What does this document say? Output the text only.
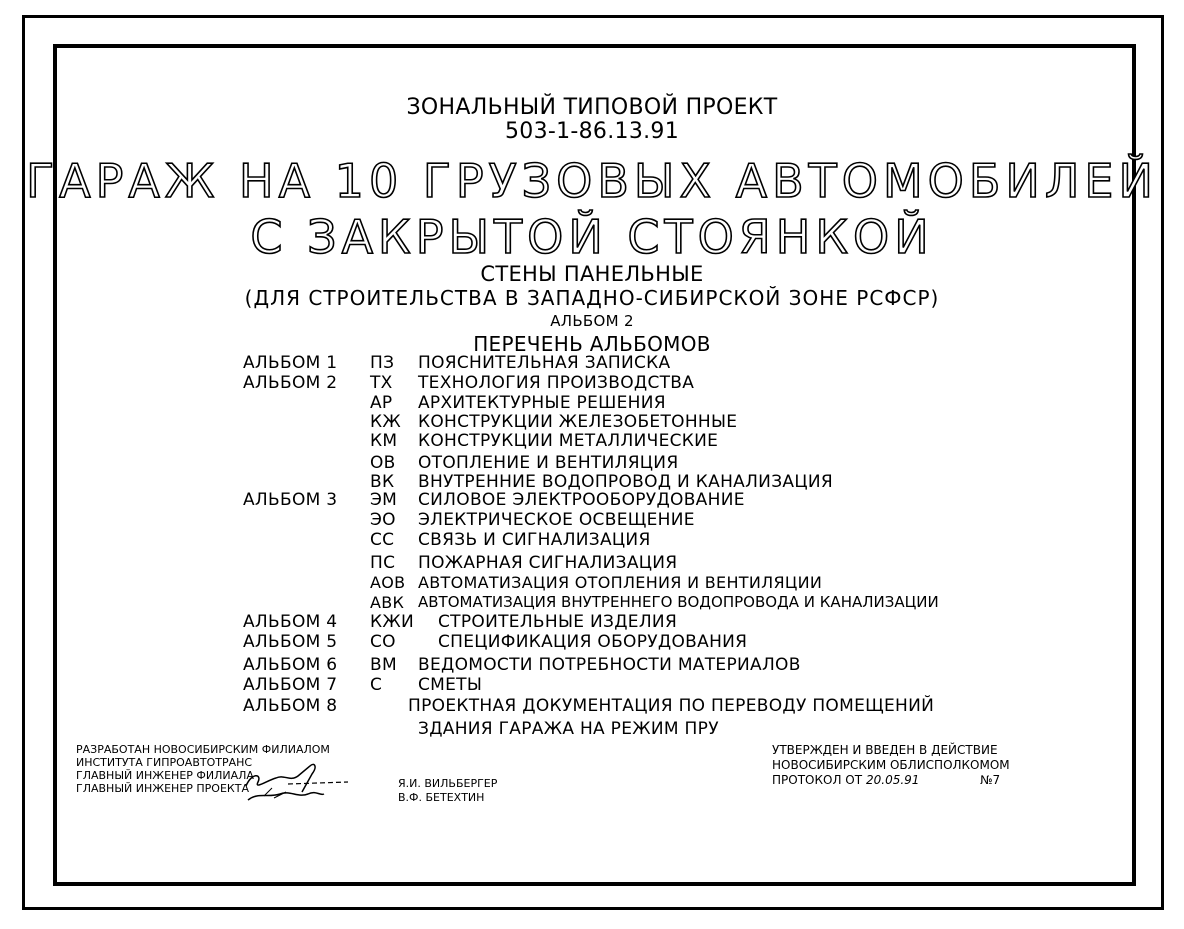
ЗОНАЛЬНЫЙ ТИПОВОЙ ПРОЕКТ
503-1-86.13.91
ГАРАЖ НА 10 ГРУЗОВЫХ АВТОМОБИЛЕЙ
С ЗАКРЫТОЙ СТОЯНКОЙ
СТЕНЫ ПАНЕЛЬНЫЕ
(ДЛЯ СТРОИТЕЛЬСТВА В ЗАПАДНО-СИБИРСКОЙ ЗОНЕ РСФСР)
АЛЬБОМ 2
ПЕРЕЧЕНЬ АЛЬБОМОВ
АЛЬБОМ 1 ПЗ ПОЯСНИТЕЛЬНАЯ ЗАПИСКА
АЛЬБОМ 2 ТХ ТЕХНОЛОГИЯ ПРОИЗВОДСТВА
АР АРХИТЕКТУРНЫЕ РЕШЕНИЯ
КЖ КОНСТРУКЦИИ ЖЕЛЕЗОБЕТОННЫЕ
КМ КОНСТРУКЦИИ МЕТАЛЛИЧЕСКИЕ
ОВ ОТОПЛЕНИЕ И ВЕНТИЛЯЦИЯ
ВК ВНУТРЕННИЕ ВОДОПРОВОД И КАНАЛИЗАЦИЯ
АЛЬБОМ 3 ЭМ СИЛОВОЕ ЭЛЕКТРООБОРУДОВАНИЕ
ЭО ЭЛЕКТРИЧЕСКОЕ ОСВЕЩЕНИЕ
СС СВЯЗЬ И СИГНАЛИЗАЦИЯ
ПС ПОЖАРНАЯ СИГНАЛИЗАЦИЯ
АОВ АВТОМАТИЗАЦИЯ ОТОПЛЕНИЯ И ВЕНТИЛЯЦИИ
АВК АВТОМАТИЗАЦИЯ ВНУТРЕННЕГО ВОДОПРОВОДА И КАНАЛИЗАЦИИ
АЛЬБОМ 4 КЖИ СТРОИТЕЛЬНЫЕ ИЗДЕЛИЯ
АЛЬБОМ 5 СО СПЕЦИФИКАЦИЯ ОБОРУДОВАНИЯ
АЛЬБОМ 6 ВМ ВЕДОМОСТИ ПОТРЕБНОСТИ МАТЕРИАЛОВ
АЛЬБОМ 7 С СМЕТЫ
АЛЬБОМ 8	ПРОЕКТНАЯ ДОКУМЕНТАЦИЯ ПО ПЕРЕВОДУ ПОМЕЩЕНИЙ
ЗДАНИЯ ГАРАЖА НА РЕЖИМ ПРУ
РАЗРАБОТАН НОВОСИБИРСКИМ ФИЛИАЛОМ
ИНСТИТУТА ГИПРОАВТОТРАНС
ГЛАВНЫЙ ИНЖЕНЕР ФИЛИАЛА
Я.И. ВИЛЬБЕРГЕР
ГЛАВНЫЙ ИНЖЕНЕР ПРОЕКТА
В.Ф. БЕТЕХТИН
УТВЕРЖДЕН И ВВЕДЕН В ДЕЙСТВИЕ
НОВОСИБИРСКИМ ОБЛИСПОЛКОМОМ
ПРОТОКОЛ ОТ 20.05.91	№7
